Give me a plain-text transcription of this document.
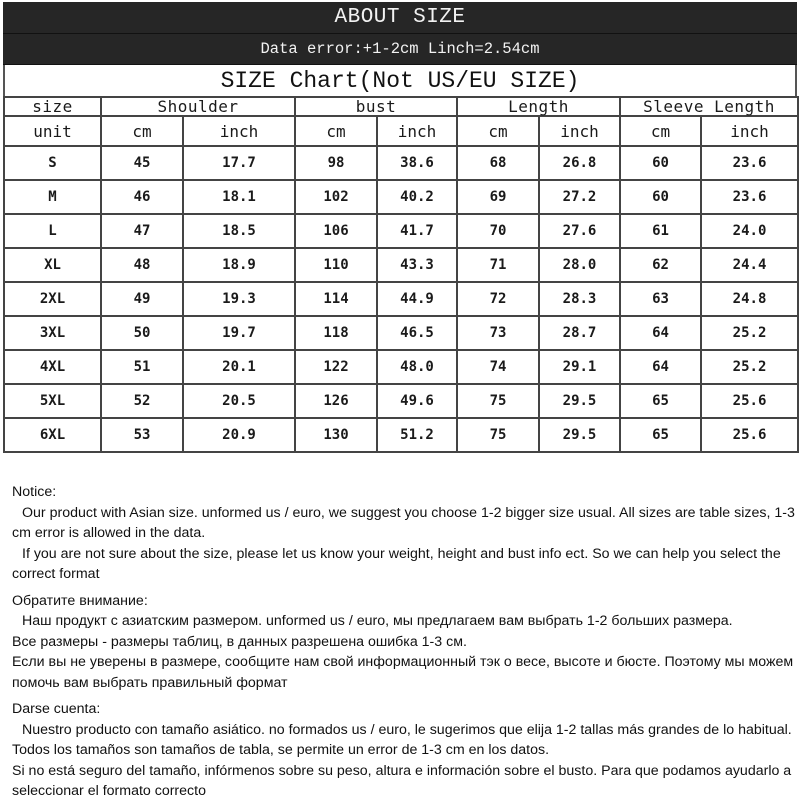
ABOUT SIZE
Data error:+1-2cm Linch=2.54cm
SIZE Chart(Not US/EU SIZE)
size	Shoulder		bust		Length		Sleeve Length	
unit	cm	inch	cm	inch	cm	inch	cm	inch
S	45	17.7	98	38.6	68	26.8	60	23.6
M	46	18.1	102	40.2	69	27.2	60	23.6
L	47	18.5	106	41.7	70	27.6	61	24.0
XL	48	18.9	110	43.3	71	28.0	62	24.4
2XL	49	19.3	114	44.9	72	28.3	63	24.8
3XL	50	19.7	118	46.5	73	28.7	64	25.2
4XL	51	20.1	122	48.0	74	29.1	64	25.2
5XL	52	20.5	126	49.6	75	29.5	65	25.6
6XL	53	20.9	130	51.2	75	29.5	65	25.6

Notice:

Our product with Asian size. unformed us / euro, we suggest you choose 1-2 bigger size usual. All sizes are table sizes, 1-3 cm error is allowed in the data.

If you are not sure about the size, please let us know your weight, height and bust info ect. So we can help you select the correct format

Обратите внимание:

Наш продукт с азиатским размером. unformed us / euro, мы предлагаем вам выбрать 1-2 больших размера.

Все размеры - размеры таблиц, в данных разрешена ошибка 1-3 см.

Если вы не уверены в размере, сообщите нам свой информационный тэк о весе, высоте и бюсте. Поэтому мы можем помочь вам выбрать правильный формат

Darse cuenta:

Nuestro producto con tamaño asiático. no formados us / euro, le sugerimos que elija 1-2 tallas más grandes de lo habitual. Todos los tamaños son tamaños de tabla, se permite un error de 1-3 cm en los datos.

Si no está seguro del tamaño, infórmenos sobre su peso, altura e información sobre el busto. Para que podamos ayudarlo a seleccionar el formato correcto
